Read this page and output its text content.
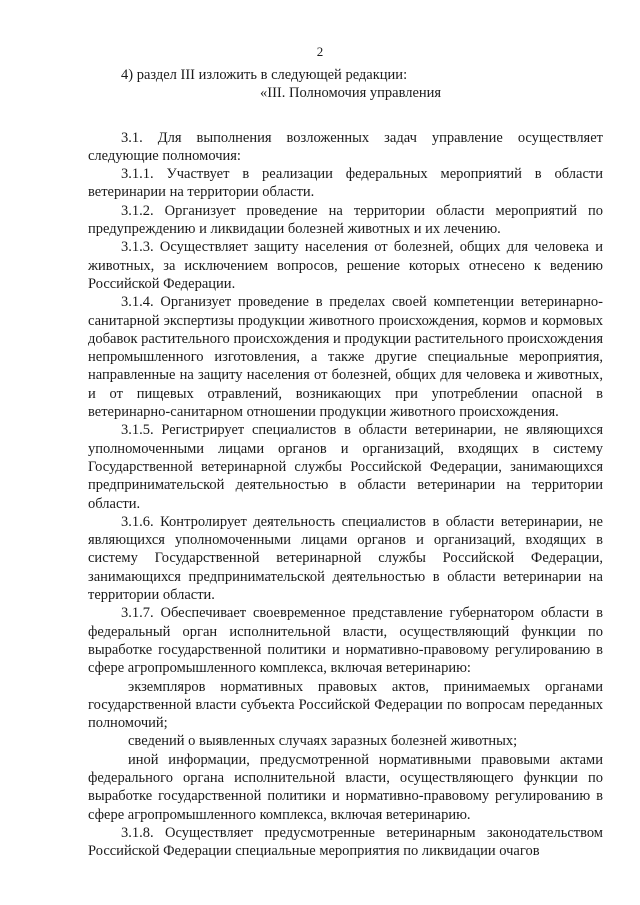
2

4) раздел III изложить в следующей редакции:

«III. Полномочия управления

3.1. Для выполнения возложенных задач управление осуществляет следующие полномочия:

3.1.1. Участвует в реализации федеральных мероприятий в области ветеринарии на территории области.

3.1.2. Организует проведение на территории области мероприятий по предупреждению и ликвидации болезней животных и их лечению.

3.1.3. Осуществляет защиту населения от болезней, общих для человека и животных, за исключением вопросов, решение которых отнесено к ведению Российской Федерации.

3.1.4. Организует проведение в пределах своей компетенции ветеринарно-санитарной экспертизы продукции животного происхождения, кормов и кормовых добавок растительного происхождения и продукции растительного происхождения непромышленного изготовления, а также другие специальные мероприятия, направленные на защиту населения от болезней, общих для человека и животных, и от пищевых отравлений, возникающих при употреблении опасной в ветеринарно-санитарном отношении продукции животного происхождения.

3.1.5. Регистрирует специалистов в области ветеринарии, не являющихся уполномоченными лицами органов и организаций, входящих в систему Государственной ветеринарной службы Российской Федерации, занимающихся предпринимательской деятельностью в области ветеринарии на территории области.

3.1.6. Контролирует деятельность специалистов в области ветеринарии, не являющихся уполномоченными лицами органов и организаций, входящих в систему Государственной ветеринарной службы Российской Федерации, занимающихся предпринимательской деятельностью в области ветеринарии на территории области.

3.1.7. Обеспечивает своевременное представление губернатором области в федеральный орган исполнительной власти, осуществляющий функции по выработке государственной политики и нормативно-правовому регулированию в сфере агропромышленного комплекса, включая ветеринарию:

экземпляров нормативных правовых актов, принимаемых органами государственной власти субъекта Российской Федерации по вопросам переданных полномочий;

сведений о выявленных случаях заразных болезней животных;

иной информации, предусмотренной нормативными правовыми актами федерального органа исполнительной власти, осуществляющего функции по выработке государственной политики и нормативно-правовому регулированию в сфере агропромышленного комплекса, включая ветеринарию.

3.1.8. Осуществляет предусмотренные ветеринарным законодательством Российской Федерации специальные мероприятия по ликвидации очагов
